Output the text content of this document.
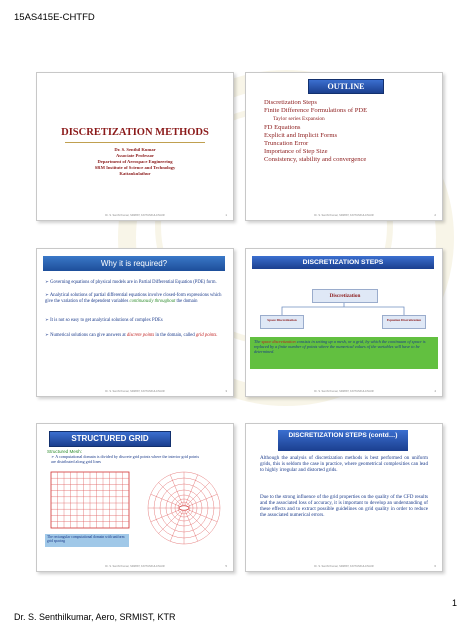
15AS415E-CHTFD
DISCRETIZATION METHODS
Dr. S. Senthil Kumar
Associate Professor
Department of Aerospace Engineering
SRM Institute of Science and Technology
Kattankulathur
Dr. S. Senthil Kumar, SRMIST, KATTANKULATHUR	1
OUTLINE
Discretization Steps
Finite Difference Formulations of PDE
Taylor series Expansion
FD Equations
Explicit and Implicit Forms
Truncation Error
Importance of Step Size
Consistency, stability and convergence
Dr. S. Senthil Kumar, SRMIST, KATTANKULATHUR	2
Why it is required?
➢ Governing equations of physical models are in Partial Differential Equation (PDE) form.
➢ Analytical solutions of partial differential equations involve closed-form expressions which give the variation of the dependent variables continuously throughout the domain
➢ It is not so easy to get analytical solutions of complex PDEs
➢ Numerical solutions can give answers at discrete points in the domain, called grid points.
Dr. S. Senthil Kumar, SRMIST, KATTANKULATHUR	3
DISCRETIZATION STEPS
Discretization
Space Discretization	Equation Discretization
The space discretization consists in setting up a mesh, or a grid, by which the continuum of space is replaced by a finite number of points where the numerical values of the variables will have to be determined.
Dr. S. Senthil Kumar, SRMIST, KATTANKULATHUR	4
STRUCTURED GRID
Structured Mesh:
➢ A computational domain is divided by discrete grid points where the interior grid points are distributed along grid lines
The rectangular computational domain with uniform grid spacing
Dr. S. Senthil Kumar, SRMIST, KATTANKULATHUR	5
DISCRETIZATION STEPS (contd…)
Although the analysis of discretization methods is best performed on uniform grids, this is seldom the case in practice, where geometrical complexities can lead to highly irregular and distorted grids.
Due to the strong influence of the grid properties on the quality of the CFD results and the associated loss of accuracy, it is important to develop an understanding of these effects and to extract possible guidelines on grid quality in order to reduce the associated numerical errors.
Dr. S. Senthil Kumar, SRMIST, KATTANKULATHUR	6
1
Dr. S. Senthilkumar, Aero, SRMIST, KTR
